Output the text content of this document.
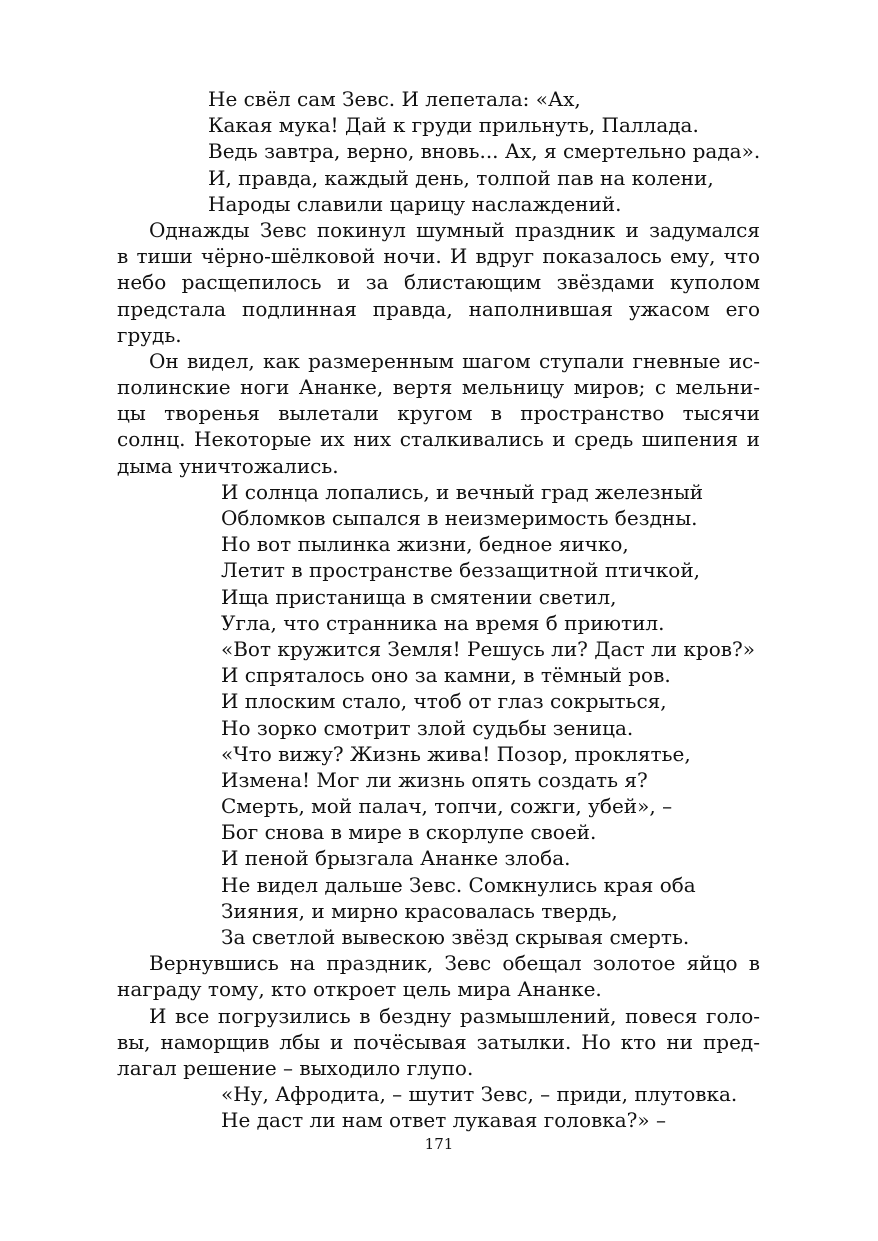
Не свёл сам Зевс. И лепетала: «Ах,
Какая мука! Дай к груди прильнуть, Паллада.
Ведь завтра, верно, вновь... Ах, я смертельно рада».
И, правда, каждый день, толпой пав на колени,
Народы славили царицу наслаждений.
Однажды Зевс покинул шумный праздник и задумался
в тиши чёрно-шёлковой ночи. И вдруг показалось ему, что
небо расщепилось и за блистающим звёздами куполом
предстала подлинная правда, наполнившая ужасом его
грудь.
Он видел, как размеренным шагом ступали гневные ис-
полинские ноги Ананке, вертя мельницу миров; с мельни-
цы творенья вылетали кругом в пространство тысячи
солнц. Некоторые их них сталкивались и средь шипения и
дыма уничтожались.
И солнца лопались, и вечный град железный
Обломков сыпался в неизмеримость бездны.
Но вот пылинка жизни, бедное яичко,
Летит в пространстве беззащитной птичкой,
Ища пристанища в смятении светил,
Угла, что странника на время б приютил.
«Вот кружится Земля! Решусь ли? Даст ли кров?»
И спряталось оно за камни, в тёмный ров.
И плоским стало, чтоб от глаз сокрыться,
Но зорко смотрит злой судьбы зеница.
«Что вижу? Жизнь жива! Позор, проклятье,
Измена! Мог ли жизнь опять создать я?
Смерть, мой палач, топчи, сожги, убей», –
Бог снова в мире в скорлупе своей.
И пеной брызгала Ананке злоба.
Не видел дальше Зевс. Сомкнулись края оба
Зияния, и мирно красовалась твердь,
За светлой вывескою звёзд скрывая смерть.
Вернувшись на праздник, Зевс обещал золотое яйцо в
награду тому, кто откроет цель мира Ананке.
И все погрузились в бездну размышлений, повеся голо-
вы, наморщив лбы и почёсывая затылки. Но кто ни пред-
лагал решение – выходило глупо.
«Ну, Афродита, – шутит Зевс, – приди, плутовка.
Не даст ли нам ответ лукавая головка?» –
171
